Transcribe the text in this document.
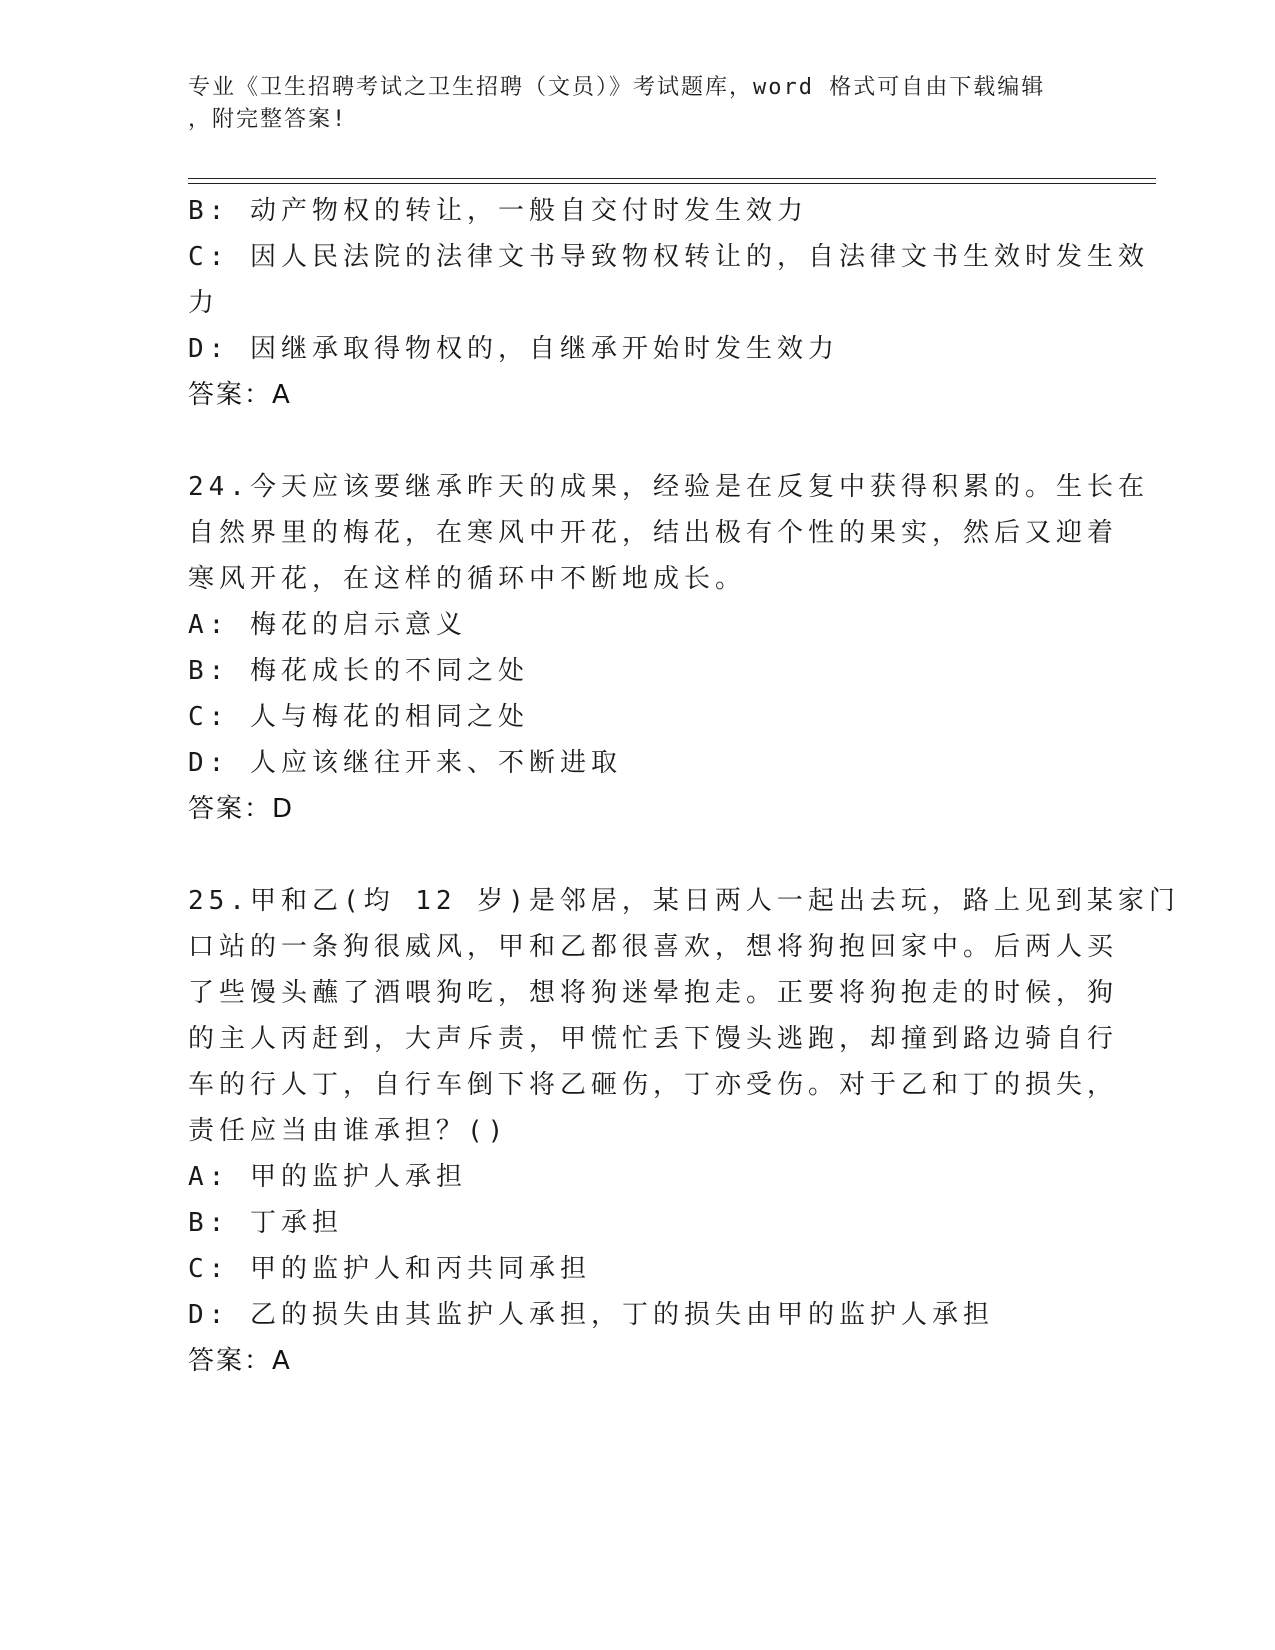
专业《卫生招聘考试之卫生招聘（文员）》考试题库，word 格式可自由下载编辑
，附完整答案!
B: 动产物权的转让，一般自交付时发生效力
C: 因人民法院的法律文书导致物权转让的，自法律文书生效时发生效
力
D: 因继承取得物权的，自继承开始时发生效力
答案：A
24.今天应该要继承昨天的成果，经验是在反复中获得积累的。生长在
自然界里的梅花，在寒风中开花，结出极有个性的果实，然后又迎着
寒风开花，在这样的循环中不断地成长。
A: 梅花的启示意义
B: 梅花成长的不同之处
C: 人与梅花的相同之处
D: 人应该继往开来、不断进取
答案：D
25.甲和乙(均 12 岁)是邻居，某日两人一起出去玩，路上见到某家门
口站的一条狗很威风，甲和乙都很喜欢，想将狗抱回家中。后两人买
了些馒头蘸了酒喂狗吃，想将狗迷晕抱走。正要将狗抱走的时候，狗
的主人丙赶到，大声斥责，甲慌忙丢下馒头逃跑，却撞到路边骑自行
车的行人丁，自行车倒下将乙砸伤，丁亦受伤。对于乙和丁的损失，
责任应当由谁承担？()
A: 甲的监护人承担
B: 丁承担
C: 甲的监护人和丙共同承担
D: 乙的损失由其监护人承担，丁的损失由甲的监护人承担
答案：A
